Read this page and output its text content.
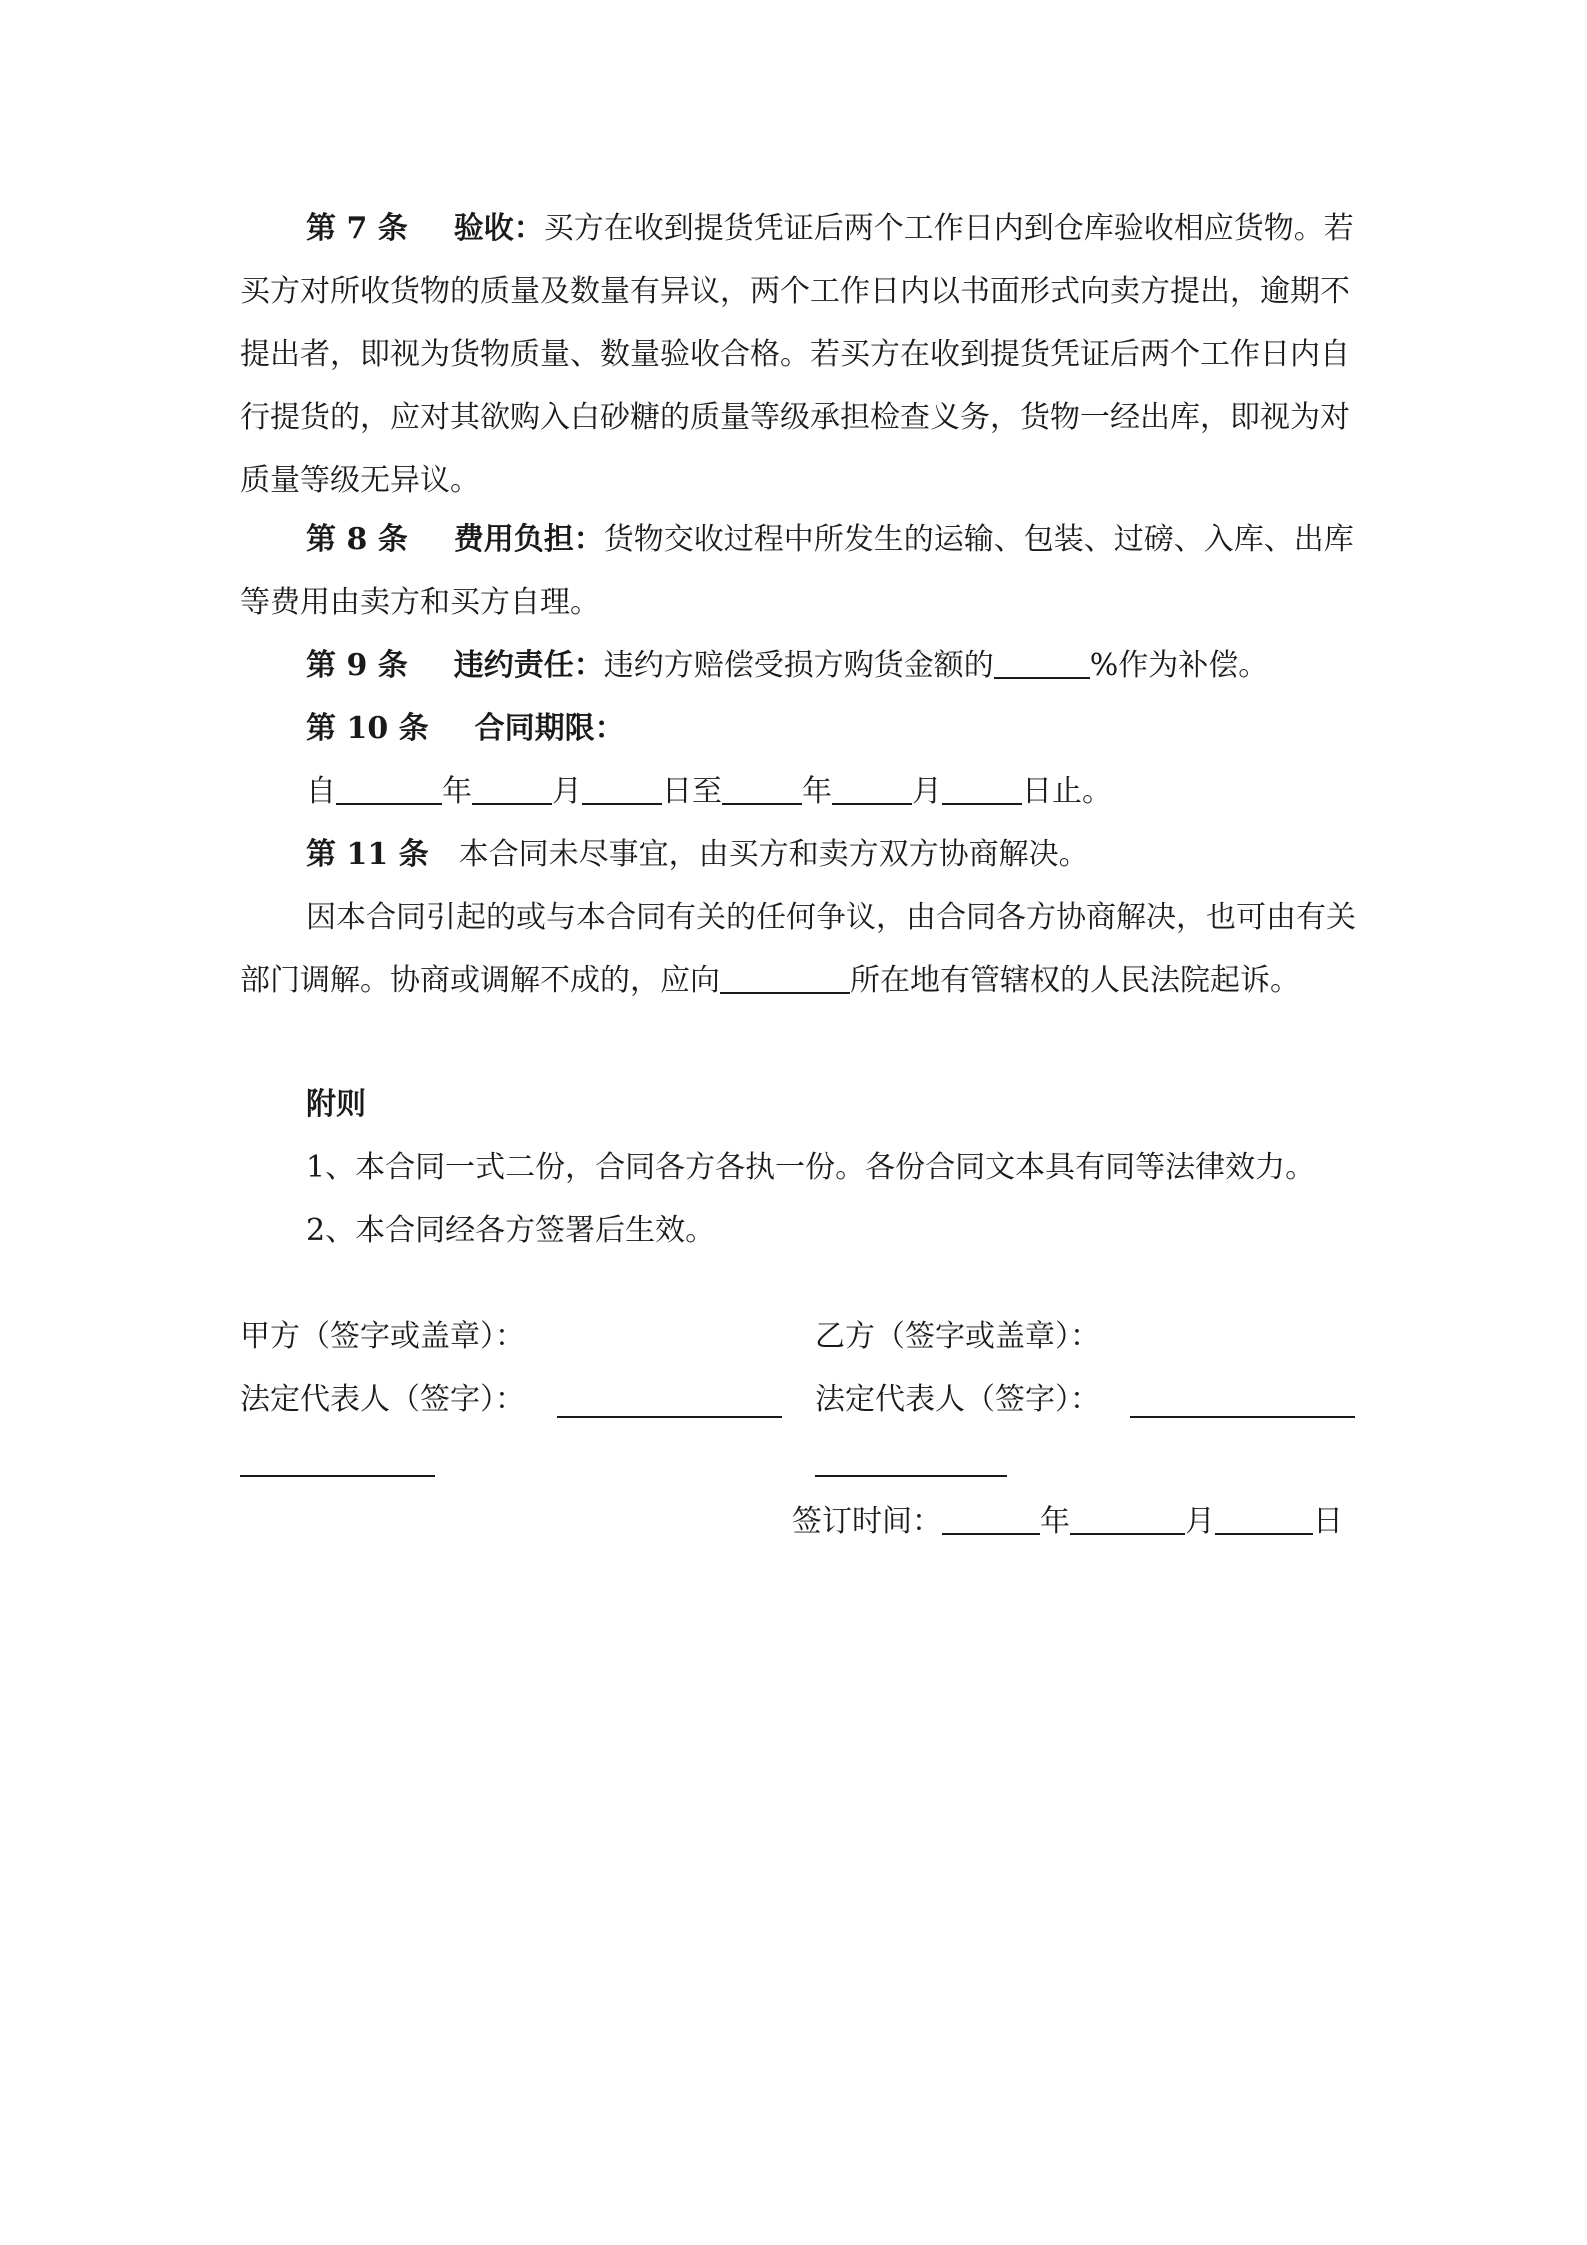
第 7 条 验收：买方在收到提货凭证后两个工作日内到仓库验收相应货物。若买方对所收货物的质量及数量有异议，两个工作日内以书面形式向卖方提出，逾期不提出者，即视为货物质量、数量验收合格。若买方在收到提货凭证后两个工作日内自行提货的，应对其欲购入白砂糖的质量等级承担检查义务，货物一经出库，即视为对质量等级无异议。

第 8 条 费用负担：货物交收过程中所发生的运输、包装、过磅、入库、出库等费用由卖方和买方自理。

第 9 条 违约责任：违约方赔偿受损方购货金额的	%作为补偿。

第 10 条 合同期限：

自	年	月	日至	年	月	日止。

第 11 条 本合同未尽事宜，由买方和卖方双方协商解决。

因本合同引起的或与本合同有关的任何争议，由合同各方协商解决，也可由有关部门调解。协商或调解不成的，应向	所在地有管辖权的人民法院起诉。

附则

1、本合同一式二份，合同各方各执一份。各份合同文本具有同等法律效力。

2、本合同经各方签署后生效。

甲方（签字或盖章）：	乙方（签字或盖章）：
法定代表人（签字）：	法定代表人（签字）：
签订时间：	年	月	日
